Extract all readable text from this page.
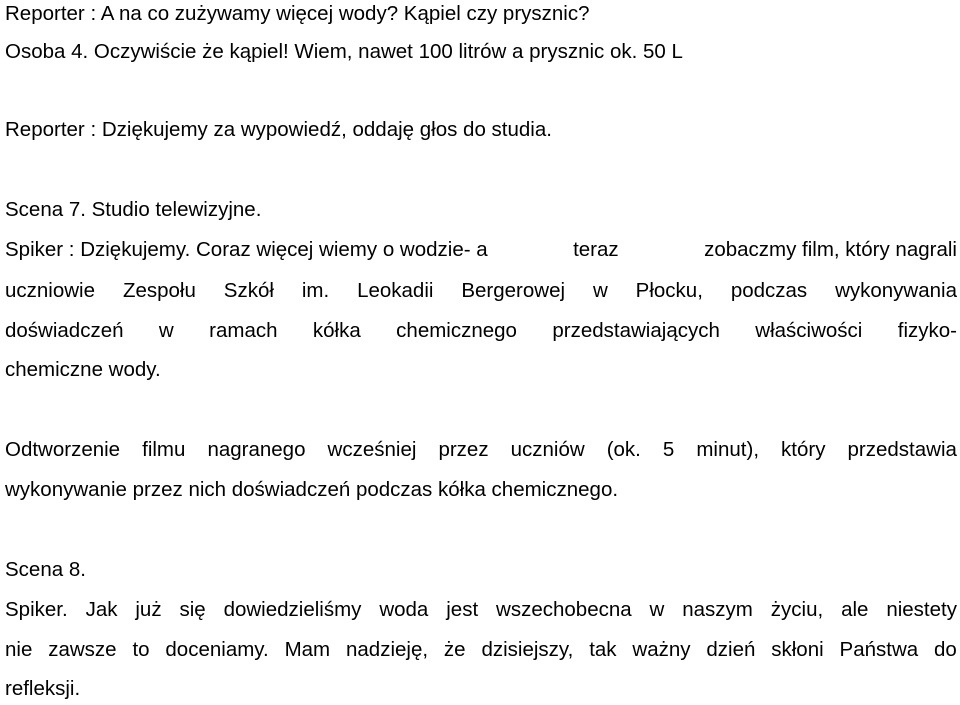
Reporter : A na co zużywamy więcej wody? Kąpiel czy prysznic?
Osoba 4. Oczywiście że kąpiel! Wiem, nawet 100 litrów a prysznic ok. 50 L
Reporter : Dziękujemy za wypowiedź, oddaję głos do studia.
Scena 7. Studio telewizyjne.
Spiker : Dziękujemy. Coraz więcej wiemy o wodzie- a	teraz	zobaczmy film, który nagrali
uczniowie Zespołu Szkół im. Leokadii Bergerowej w Płocku, podczas wykonywania
doświadczeń w ramach kółka chemicznego przedstawiających właściwości fizyko-
chemiczne wody.
Odtworzenie filmu nagranego wcześniej przez uczniów (ok. 5 minut), który przedstawia
wykonywanie przez nich doświadczeń podczas kółka chemicznego.
Scena 8.
Spiker. Jak już się dowiedzieliśmy woda jest wszechobecna w naszym życiu, ale niestety
nie zawsze to doceniamy. Mam nadzieję, że dzisiejszy, tak ważny dzień skłoni Państwa do
refleksji.
